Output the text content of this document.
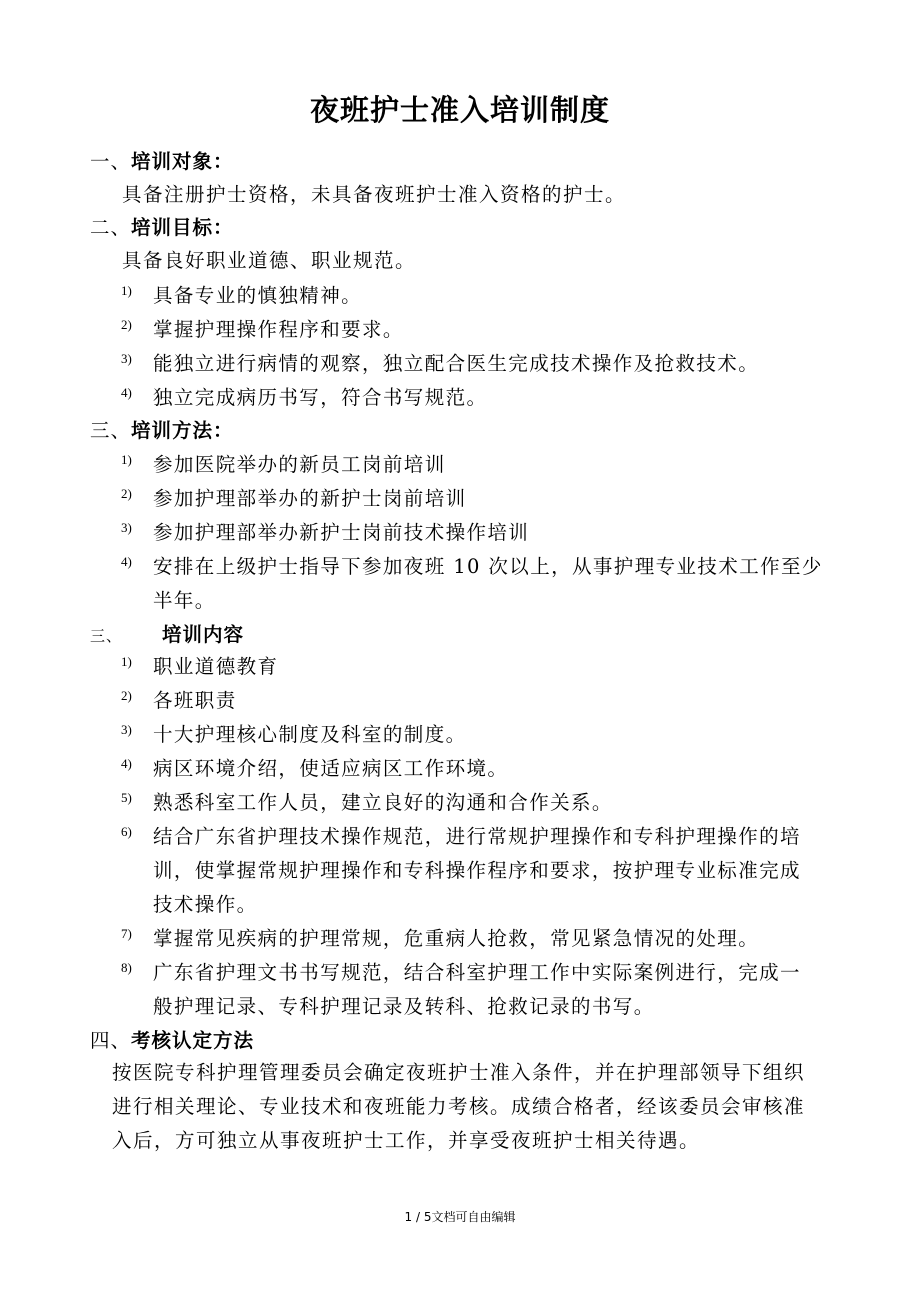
夜班护士准入培训制度
一、培训对象：
具备注册护士资格，未具备夜班护士准入资格的护士。
二、培训目标：
具备良好职业道德、职业规范。
1) 具备专业的慎独精神。
2) 掌握护理操作程序和要求。
3) 能独立进行病情的观察，独立配合医生完成技术操作及抢救技术。
4) 独立完成病历书写，符合书写规范。
三、培训方法：
1) 参加医院举办的新员工岗前培训
2) 参加护理部举办的新护士岗前培训
3) 参加护理部举办新护士岗前技术操作培训
4) 安排在上级护士指导下参加夜班 10 次以上，从事护理专业技术工作至少
半年。
三、 培训内容
1) 职业道德教育
2) 各班职责
3) 十大护理核心制度及科室的制度。
4) 病区环境介绍，使适应病区工作环境。
5) 熟悉科室工作人员，建立良好的沟通和合作关系。
6) 结合广东省护理技术操作规范，进行常规护理操作和专科护理操作的培
训，使掌握常规护理操作和专科操作程序和要求，按护理专业标准完成
技术操作。
7) 掌握常见疾病的护理常规，危重病人抢救，常见紧急情况的处理。
8) 广东省护理文书书写规范，结合科室护理工作中实际案例进行，完成一
般护理记录、专科护理记录及转科、抢救记录的书写。
四、考核认定方法
按医院专科护理管理委员会确定夜班护士准入条件，并在护理部领导下组织
进行相关理论、专业技术和夜班能力考核。成绩合格者，经该委员会审核准
入后，方可独立从事夜班护士工作，并享受夜班护士相关待遇。
1 / 5文档可自由编辑
